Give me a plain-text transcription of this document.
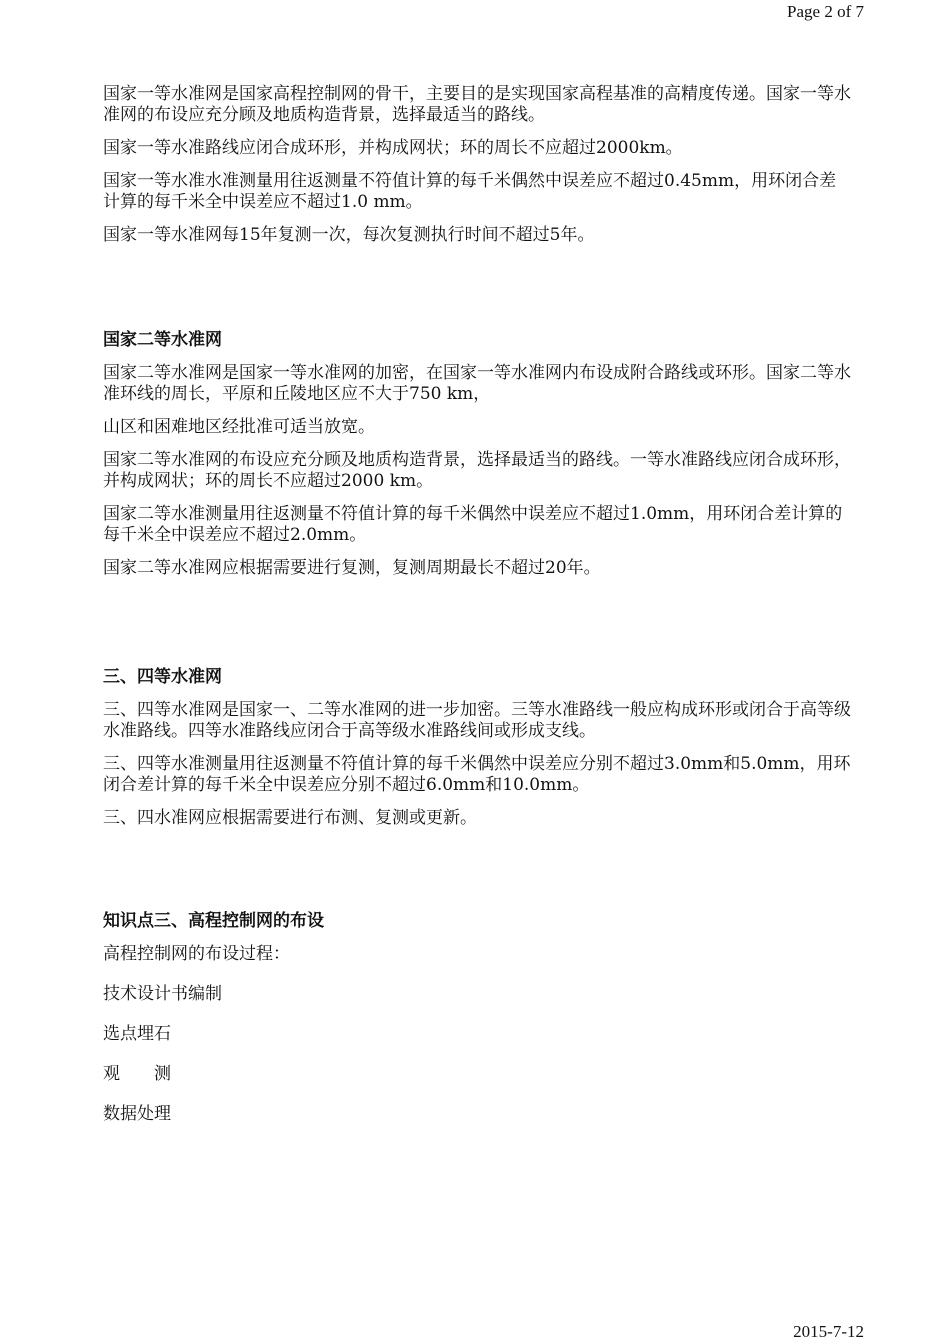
Page 2 of 7

国家一等水准网是国家高程控制网的骨干，主要目的是实现国家高程基准的高精度传递。国家一等水准网的布设应充分顾及地质构造背景，选择最适当的路线。

国家一等水准路线应闭合成环形，并构成网状；环的周长不应超过2000km。

国家一等水准水准测量用往返测量不符值计算的每千米偶然中误差应不超过0.45mm，用环闭合差计算的每千米全中误差应不超过1.0 mm。

国家一等水准网每15年复测一次，每次复测执行时间不超过5年。

国家二等水准网

国家二等水准网是国家一等水准网的加密，在国家一等水准网内布设成附合路线或环形。国家二等水准环线的周长，平原和丘陵地区应不大于750 km，

山区和困难地区经批准可适当放宽。

国家二等水准网的布设应充分顾及地质构造背景，选择最适当的路线。一等水准路线应闭合成环形，并构成网状；环的周长不应超过2000 km。

国家二等水准测量用往返测量不符值计算的每千米偶然中误差应不超过1.0mm，用环闭合差计算的每千米全中误差应不超过2.0mm。

国家二等水准网应根据需要进行复测，复测周期最长不超过20年。

三、四等水准网

三、四等水准网是国家一、二等水准网的进一步加密。三等水准路线一般应构成环形或闭合于高等级水准路线。四等水准路线应闭合于高等级水准路线间或形成支线。

三、四等水准测量用往返测量不符值计算的每千米偶然中误差应分别不超过3.0mm和5.0mm，用环闭合差计算的每千米全中误差应分别不超过6.0mm和10.0mm。

三、四水准网应根据需要进行布测、复测或更新。

知识点三、高程控制网的布设

高程控制网的布设过程：

技术设计书编制

选点埋石

观　　测

数据处理

2015-7-12
